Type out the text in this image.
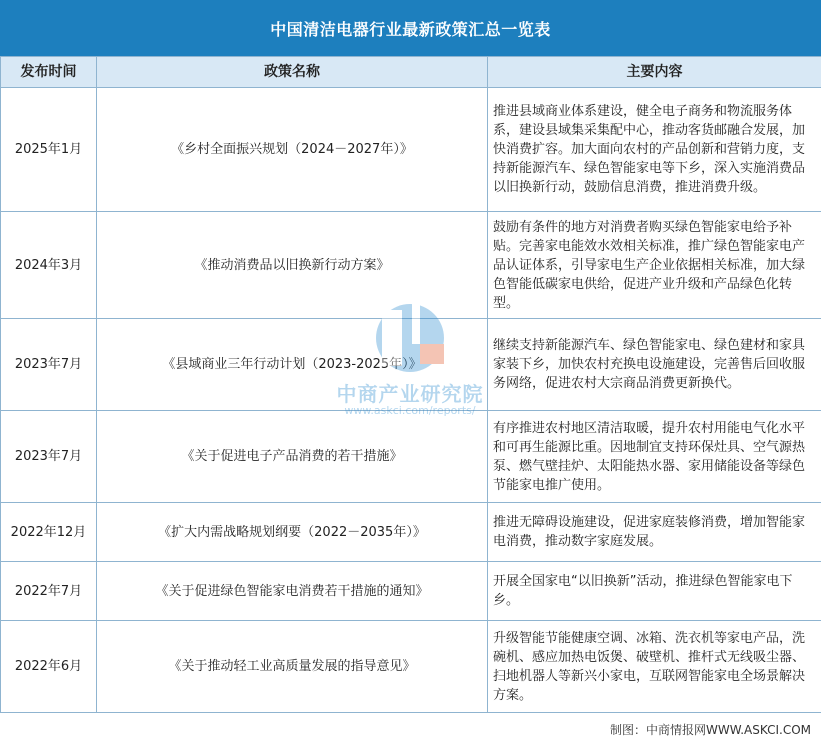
中国清洁电器行业最新政策汇总一览表
发布时间	政策名称	主要内容
2025年1月	《乡村全面振兴规划（2024－2027年）》	推进县域商业体系建设，健全电子商务和物流服务体系，建设县域集采集配中心，推动客货邮融合发展，加快消费扩容。加大面向农村的产品创新和营销力度，支持新能源汽车、绿色智能家电等下乡，深入实施消费品以旧换新行动，鼓励信息消费，推进消费升级。
2024年3月	《推动消费品以旧换新行动方案》	鼓励有条件的地方对消费者购买绿色智能家电给予补贴。完善家电能效水效相关标准，推广绿色智能家电产品认证体系，引导家电生产企业依据相关标准，加大绿色智能低碳家电供给，促进产业升级和产品绿色化转型。
2023年7月	《县域商业三年行动计划（2023-2025年）》	继续支持新能源汽车、绿色智能家电、绿色建材和家具家装下乡，加快农村充换电设施建设，完善售后回收服务网络，促进农村大宗商品消费更新换代。
2023年7月	《关于促进电子产品消费的若干措施》	有序推进农村地区清洁取暖，提升农村用能电气化水平和可再生能源比重。因地制宜支持环保灶具、空气源热泵、燃气壁挂炉、太阳能热水器、家用储能设备等绿色节能家电推广使用。
2022年12月	《扩大内需战略规划纲要（2022－2035年）》	推进无障碍设施建设，促进家庭装修消费，增加智能家电消费，推动数字家庭发展。
2022年7月	《关于促进绿色智能家电消费若干措施的通知》	开展全国家电“以旧换新”活动，推进绿色智能家电下乡。
2022年6月	《关于推动轻工业高质量发展的指导意见》	升级智能节能健康空调、冰箱、洗衣机等家电产品，洗碗机、感应加热电饭煲、破壁机、推杆式无线吸尘器、扫地机器人等新兴小家电，互联网智能家电全场景解决方案。
中商产业研究院
www.askci.com/reports/
制图：中商情报网WWW.ASKCI.COM
